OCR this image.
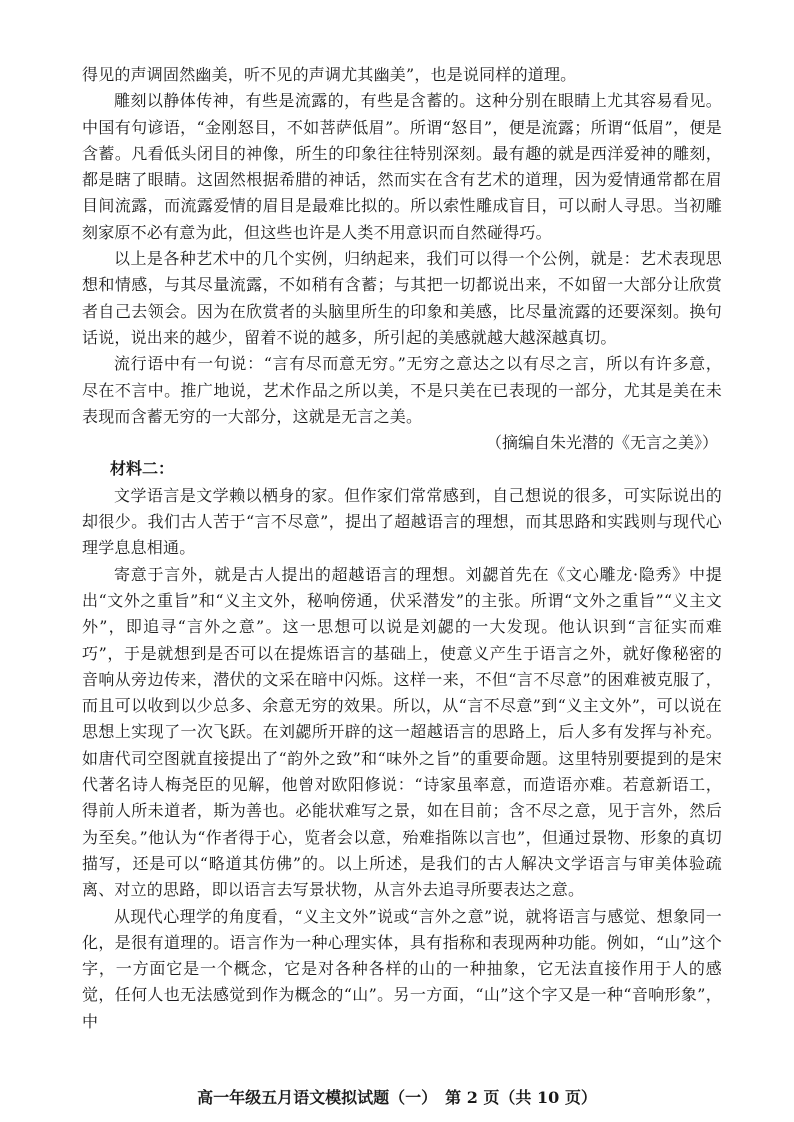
得见的声调固然幽美，听不见的声调尤其幽美”，也是说同样的道理。

雕刻以静体传神，有些是流露的，有些是含蓄的。这种分别在眼睛上尤其容易看见。中国有句谚语，“金刚怒目，不如菩萨低眉”。所谓“怒目”，便是流露；所谓“低眉”，便是含蓄。凡看低头闭目的神像，所生的印象往往特别深刻。最有趣的就是西洋爱神的雕刻，都是瞎了眼睛。这固然根据希腊的神话，然而实在含有艺术的道理，因为爱情通常都在眉目间流露，而流露爱情的眉目是最难比拟的。所以索性雕成盲目，可以耐人寻思。当初雕刻家原不必有意为此，但这些也许是人类不用意识而自然碰得巧。

以上是各种艺术中的几个实例，归纳起来，我们可以得一个公例，就是：艺术表现思想和情感，与其尽量流露，不如稍有含蓄；与其把一切都说出来，不如留一大部分让欣赏者自己去领会。因为在欣赏者的头脑里所生的印象和美感，比尽量流露的还要深刻。换句话说，说出来的越少，留着不说的越多，所引起的美感就越大越深越真切。

流行语中有一句说：“言有尽而意无穷。”无穷之意达之以有尽之言，所以有许多意，尽在不言中。推广地说，艺术作品之所以美，不是只美在已表现的一部分，尤其是美在未表现而含蓄无穷的一大部分，这就是无言之美。

（摘编自朱光潜的《无言之美》）

材料二：

文学语言是文学赖以栖身的家。但作家们常常感到，自己想说的很多，可实际说出的却很少。我们古人苦于“言不尽意”，提出了超越语言的理想，而其思路和实践则与现代心理学息息相通。

寄意于言外，就是古人提出的超越语言的理想。刘勰首先在《文心雕龙·隐秀》中提出“文外之重旨”和“义主文外，秘响傍通，伏采潜发”的主张。所谓“文外之重旨”“义主文外”，即追寻“言外之意”。这一思想可以说是刘勰的一大发现。他认识到“言征实而难巧”，于是就想到是否可以在提炼语言的基础上，使意义产生于语言之外，就好像秘密的音响从旁边传来，潜伏的文采在暗中闪烁。这样一来，不但“言不尽意”的困难被克服了，而且可以收到以少总多、余意无穷的效果。所以，从“言不尽意”到“义主文外”，可以说在思想上实现了一次飞跃。在刘勰所开辟的这一超越语言的思路上，后人多有发挥与补充。如唐代司空图就直接提出了“韵外之致”和“味外之旨”的重要命题。这里特别要提到的是宋代著名诗人梅尧臣的见解，他曾对欧阳修说：“诗家虽率意，而造语亦难。若意新语工，得前人所未道者，斯为善也。必能状难写之景，如在目前；含不尽之意，见于言外，然后为至矣。”他认为“作者得于心，览者会以意，殆难指陈以言也”，但通过景物、形象的真切描写，还是可以“略道其仿佛”的。以上所述，是我们的古人解决文学语言与审美体验疏离、对立的思路，即以语言去写景状物，从言外去追寻所要表达之意。

从现代心理学的角度看，“义主文外”说或“言外之意”说，就将语言与感觉、想象同一化，是很有道理的。语言作为一种心理实体，具有指称和表现两种功能。例如，“山”这个字，一方面它是一个概念，它是对各种各样的山的一种抽象，它无法直接作用于人的感觉，任何人也无法感觉到作为概念的“山”。另一方面，“山”这个字又是一种“音响形象”，中

高一年级五月语文模拟试题（一）　第 2 页（共 10 页）
